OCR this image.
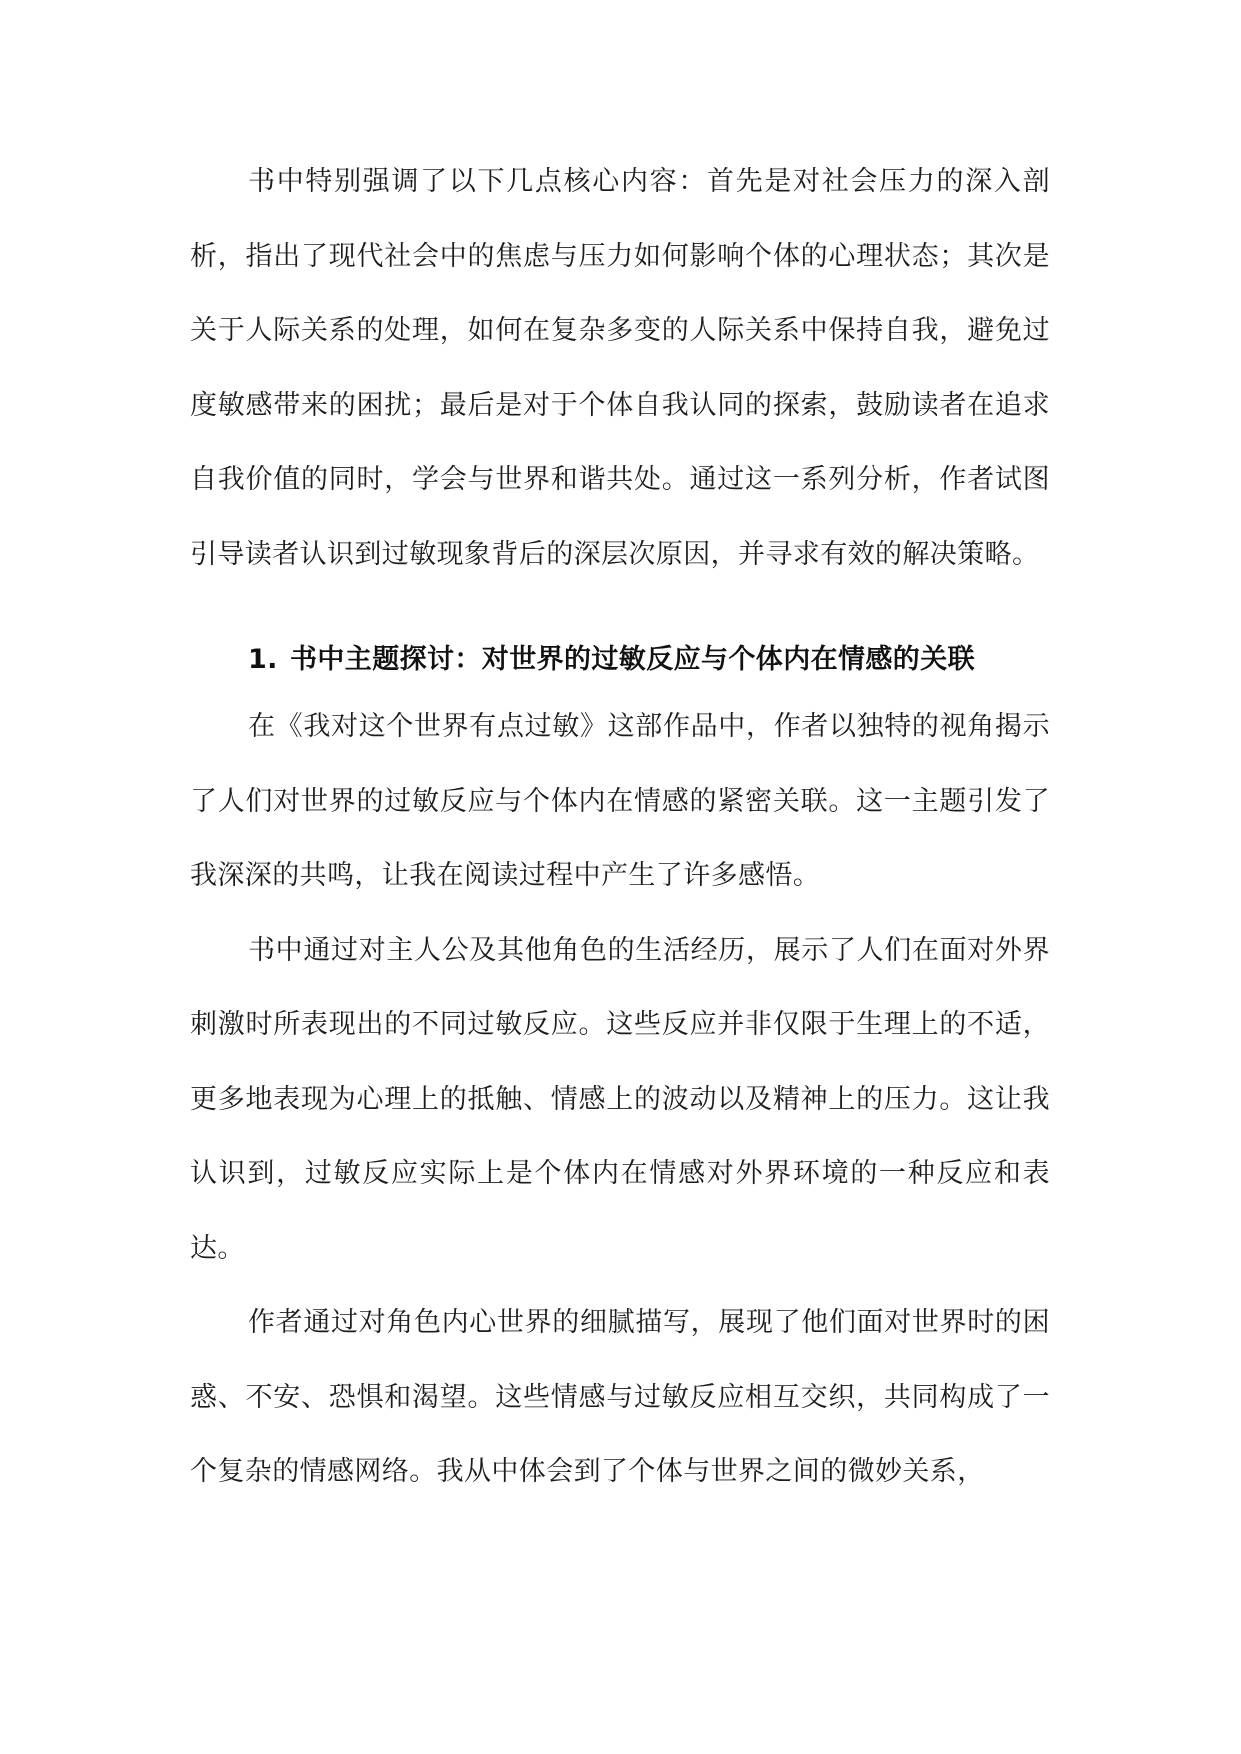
书中特别强调了以下几点核心内容：首先是对社会压力的深入剖析，指出了现代社会中的焦虑与压力如何影响个体的心理状态；其次是关于人际关系的处理，如何在复杂多变的人际关系中保持自我，避免过度敏感带来的困扰；最后是对于个体自我认同的探索，鼓励读者在追求自我价值的同时，学会与世界和谐共处。通过这一系列分析，作者试图引导读者认识到过敏现象背后的深层次原因，并寻求有效的解决策略。

1. 书中主题探讨：对世界的过敏反应与个体内在情感的关联

在《我对这个世界有点过敏》这部作品中，作者以独特的视角揭示了人们对世界的过敏反应与个体内在情感的紧密关联。这一主题引发了我深深的共鸣，让我在阅读过程中产生了许多感悟。

书中通过对主人公及其他角色的生活经历，展示了人们在面对外界刺激时所表现出的不同过敏反应。这些反应并非仅限于生理上的不适，更多地表现为心理上的抵触、情感上的波动以及精神上的压力。这让我认识到，过敏反应实际上是个体内在情感对外界环境的一种反应和表达。

作者通过对角色内心世界的细腻描写，展现了他们面对世界时的困惑、不安、恐惧和渴望。这些情感与过敏反应相互交织，共同构成了一个复杂的情感网络。我从中体会到了个体与世界之间的微妙关系，
